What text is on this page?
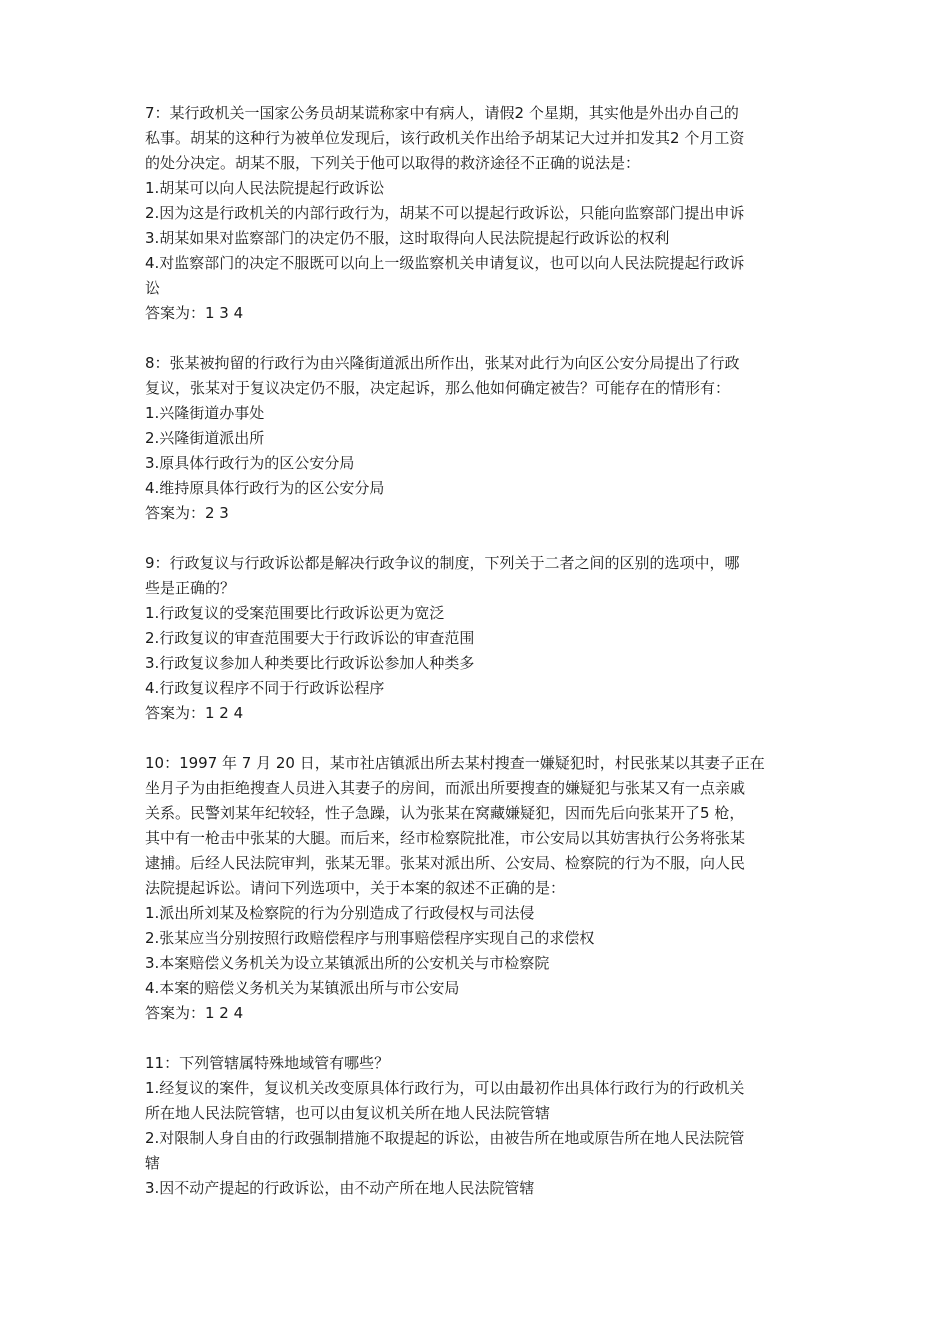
7：某行政机关一国家公务员胡某谎称家中有病人，请假2 个星期，其实他是外出办自己的
私事。胡某的这种行为被单位发现后，该行政机关作出给予胡某记大过并扣发其2 个月工资
的处分决定。胡某不服，下列关于他可以取得的救济途径不正确的说法是：
1.胡某可以向人民法院提起行政诉讼
2.因为这是行政机关的内部行政行为，胡某不可以提起行政诉讼，只能向监察部门提出申诉
3.胡某如果对监察部门的决定仍不服，这时取得向人民法院提起行政诉讼的权利
4.对监察部门的决定不服既可以向上一级监察机关申请复议，也可以向人民法院提起行政诉
讼
答案为：1 3 4
8：张某被拘留的行政行为由兴隆街道派出所作出，张某对此行为向区公安分局提出了行政
复议，张某对于复议决定仍不服，决定起诉，那么他如何确定被告？可能存在的情形有：
1.兴隆街道办事处
2.兴隆街道派出所
3.原具体行政行为的区公安分局
4.维持原具体行政行为的区公安分局
答案为：2 3
9：行政复议与行政诉讼都是解决行政争议的制度，下列关于二者之间的区别的选项中，哪
些是正确的？
1.行政复议的受案范围要比行政诉讼更为宽泛
2.行政复议的审查范围要大于行政诉讼的审查范围
3.行政复议参加人种类要比行政诉讼参加人种类多
4.行政复议程序不同于行政诉讼程序
答案为：1 2 4
10：1997 年 7 月 20 日，某市社店镇派出所去某村搜查一嫌疑犯时，村民张某以其妻子正在
坐月子为由拒绝搜查人员进入其妻子的房间，而派出所要搜查的嫌疑犯与张某又有一点亲戚
关系。民警刘某年纪较轻，性子急躁，认为张某在窝藏嫌疑犯，因而先后向张某开了5 枪，
其中有一枪击中张某的大腿。而后来，经市检察院批准，市公安局以其妨害执行公务将张某
逮捕。后经人民法院审判，张某无罪。张某对派出所、公安局、检察院的行为不服，向人民
法院提起诉讼。请问下列选项中，关于本案的叙述不正确的是：
1.派出所刘某及检察院的行为分别造成了行政侵权与司法侵
2.张某应当分别按照行政赔偿程序与刑事赔偿程序实现自己的求偿权
3.本案赔偿义务机关为设立某镇派出所的公安机关与市检察院
4.本案的赔偿义务机关为某镇派出所与市公安局
答案为：1 2 4
11：下列管辖属特殊地域管有哪些？
1.经复议的案件，复议机关改变原具体行政行为，可以由最初作出具体行政行为的行政机关
所在地人民法院管辖，也可以由复议机关所在地人民法院管辖
2.对限制人身自由的行政强制措施不取提起的诉讼，由被告所在地或原告所在地人民法院管
辖
3.因不动产提起的行政诉讼，由不动产所在地人民法院管辖
